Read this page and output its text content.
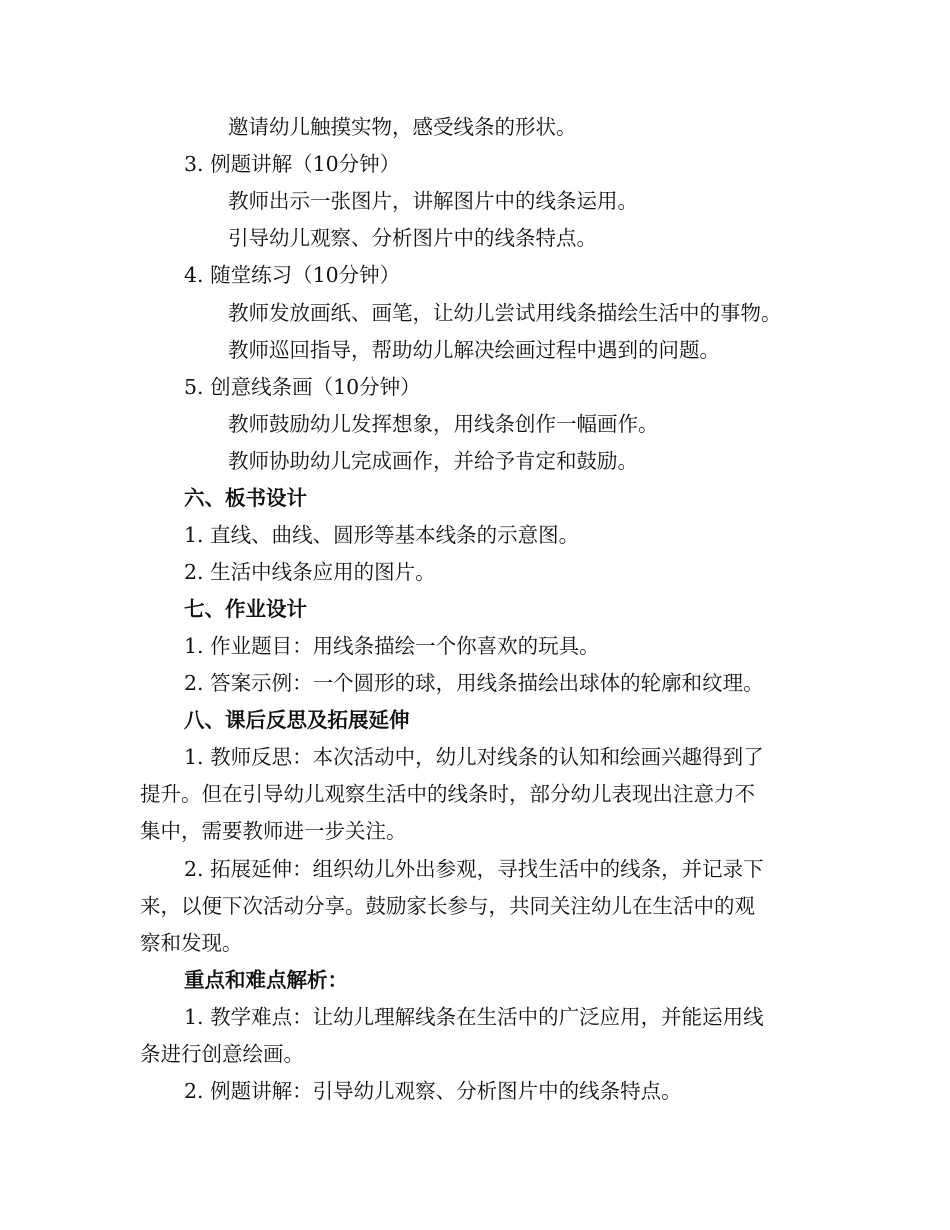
邀请幼儿触摸实物，感受线条的形状。
3. 例题讲解（10分钟）
教师出示一张图片，讲解图片中的线条运用。
引导幼儿观察、分析图片中的线条特点。
4. 随堂练习（10分钟）
教师发放画纸、画笔，让幼儿尝试用线条描绘生活中的事物。
教师巡回指导，帮助幼儿解决绘画过程中遇到的问题。
5. 创意线条画（10分钟）
教师鼓励幼儿发挥想象，用线条创作一幅画作。
教师协助幼儿完成画作，并给予肯定和鼓励。
六、板书设计
1. 直线、曲线、圆形等基本线条的示意图。
2. 生活中线条应用的图片。
七、作业设计
1. 作业题目：用线条描绘一个你喜欢的玩具。
2. 答案示例：一个圆形的球，用线条描绘出球体的轮廓和纹理。
八、课后反思及拓展延伸
1. 教师反思：本次活动中，幼儿对线条的认知和绘画兴趣得到了
提升。但在引导幼儿观察生活中的线条时，部分幼儿表现出注意力不
集中，需要教师进一步关注。
2. 拓展延伸：组织幼儿外出参观，寻找生活中的线条，并记录下
来，以便下次活动分享。鼓励家长参与，共同关注幼儿在生活中的观
察和发现。
重点和难点解析：
1. 教学难点：让幼儿理解线条在生活中的广泛应用，并能运用线
条进行创意绘画。
2. 例题讲解：引导幼儿观察、分析图片中的线条特点。
